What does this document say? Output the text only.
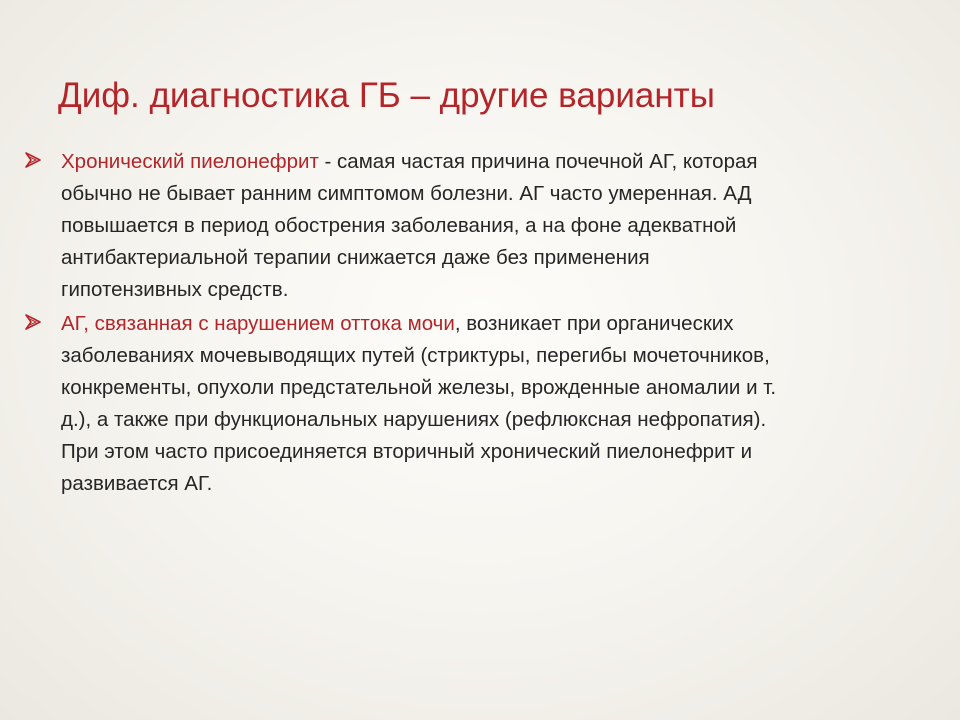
Диф. диагностика ГБ – другие варианты
Хронический пиелонефрит - самая частая причина почечной АГ, которая
обычно не бывает ранним симптомом болезни. АГ часто умеренная. АД
повышается в период обострения заболевания, а на фоне адекватной
антибактериальной терапии снижается даже без применения
гипотензивных средств.
АГ, связанная с нарушением оттока мочи, возникает при органических
заболеваниях мочевыводящих путей (стриктуры, перегибы мочеточников,
конкременты, опухоли предстательной железы, врожденные аномалии и т.
д.), а также при функциональных нарушениях (рефлюксная нефропатия).
При этом часто присоединяется вторичный хронический пиелонефрит и
развивается АГ.
